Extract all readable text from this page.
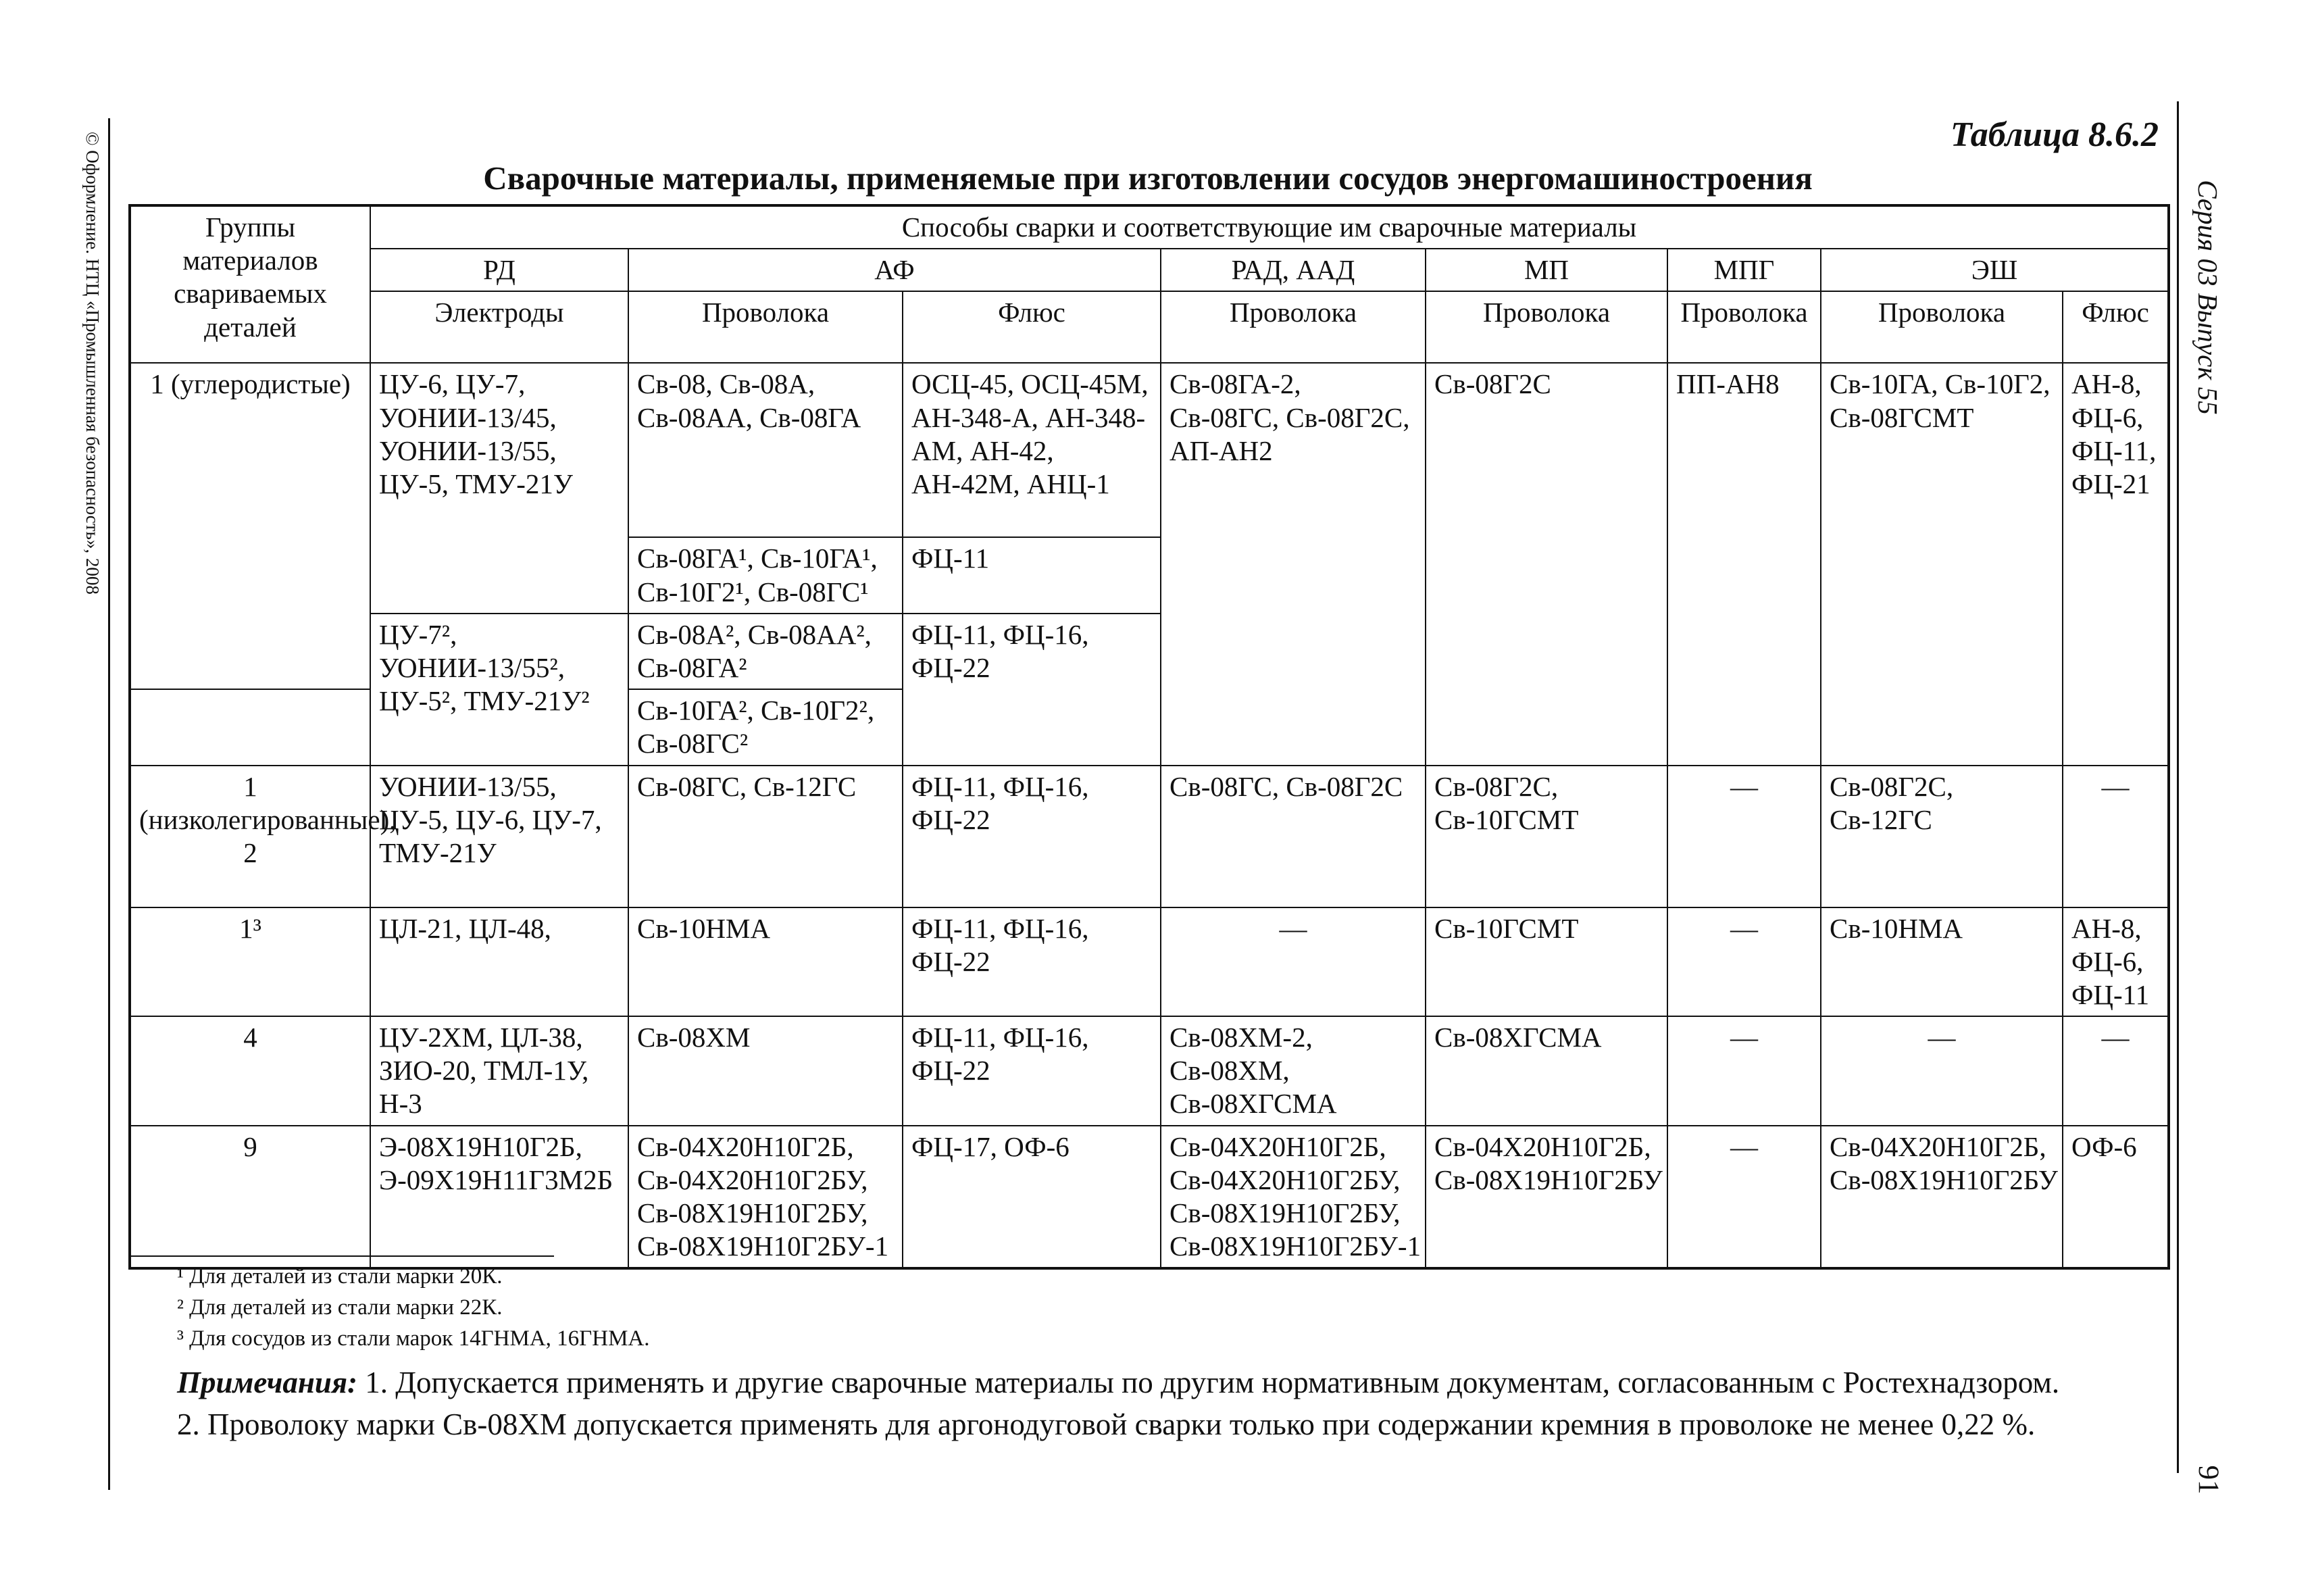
© Оформление. НТЦ «Промышленная безопасность», 2008	Серия 03 Выпуск 55
91
Таблица 8.6.2
Сварочные материалы, применяемые при изготовлении сосудов энергомашиностроения
Группы материалов свариваемых деталей	Способы сварки и соответствующие им сварочные материалы							
	РД	АФ		РАД, ААД	МП	МПГ	ЭШ	
	Электроды	Проволока	Флюс	Проволока	Проволока	Проволока	Проволока	Флюс
1 (углеродистые)	ЦУ-6, ЦУ-7, УОНИИ-13/45, УОНИИ-13/55, ЦУ-5, ТМУ-21У	Св-08, Св-08А, Св-08АА, Св-08ГА	ОСЦ-45, ОСЦ-45М, АН-348-А, АН-348-АМ, АН-42, АН-42М, АНЦ-1	Св-08ГА-2, Св-08ГС, Св-08Г2С, АП-АН2	Св-08Г2С	ПП-АН8	Св-10ГА, Св-10Г2, Св-08ГСМТ	АН-8, ФЦ-6, ФЦ-11, ФЦ-21
		Св-08ГА¹, Св-10ГА¹, Св-10Г2¹, Св-08ГС¹	ФЦ-11					
	ЦУ-7², УОНИИ-13/55², ЦУ-5², ТМУ-21У²	Св-08А², Св-08АА², Св-08ГА²	ФЦ-11, ФЦ-16, ФЦ-22					
		Св-10ГА², Св-10Г2², Св-08ГС²						
1 (низколегированные), 2	УОНИИ-13/55, ЦУ-5, ЦУ-6, ЦУ-7, ТМУ-21У	Св-08ГС, Св-12ГС	ФЦ-11, ФЦ-16, ФЦ-22	Св-08ГС, Св-08Г2С	Св-08Г2С, Св-10ГСМТ	—	Св-08Г2С, Св-12ГС	—
1³	ЦЛ-21, ЦЛ-48,	Св-10НМА	ФЦ-11, ФЦ-16, ФЦ-22	—	Св-10ГСМТ	—	Св-10НМА	АН-8, ФЦ-6, ФЦ-11
4	ЦУ-2ХМ, ЦЛ-38, ЗИО-20, ТМЛ-1У, Н-3	Св-08ХМ	ФЦ-11, ФЦ-16, ФЦ-22	Св-08ХМ-2, Св-08ХМ, Св-08ХГСМА	Св-08ХГСМА	—	—	—
9	Э-08Х19Н10Г2Б, Э-09Х19Н11Г3М2Б	Св-04Х20Н10Г2Б, Св-04Х20Н10Г2БУ, Св-08Х19Н10Г2БУ, Св-08Х19Н10Г2БУ-1	ФЦ-17, ОФ-6	Св-04Х20Н10Г2Б, Св-04Х20Н10Г2БУ, Св-08Х19Н10Г2БУ, Св-08Х19Н10Г2БУ-1	Св-04Х20Н10Г2Б, Св-08Х19Н10Г2БУ	—	Св-04Х20Н10Г2Б, Св-08Х19Н10Г2БУ	ОФ-6
¹ Для деталей из стали марки 20К.
² Для деталей из стали марки 22К.
³ Для сосудов из стали марок 14ГНМА, 16ГНМА.
Примечания: 1. Допускается применять и другие сварочные материалы по другим нормативным документам, согласованным с Ростехнадзором.
2. Проволоку марки Св-08ХМ допускается применять для аргонодуговой сварки только при содержании кремния в проволоке не менее 0,22 %.
